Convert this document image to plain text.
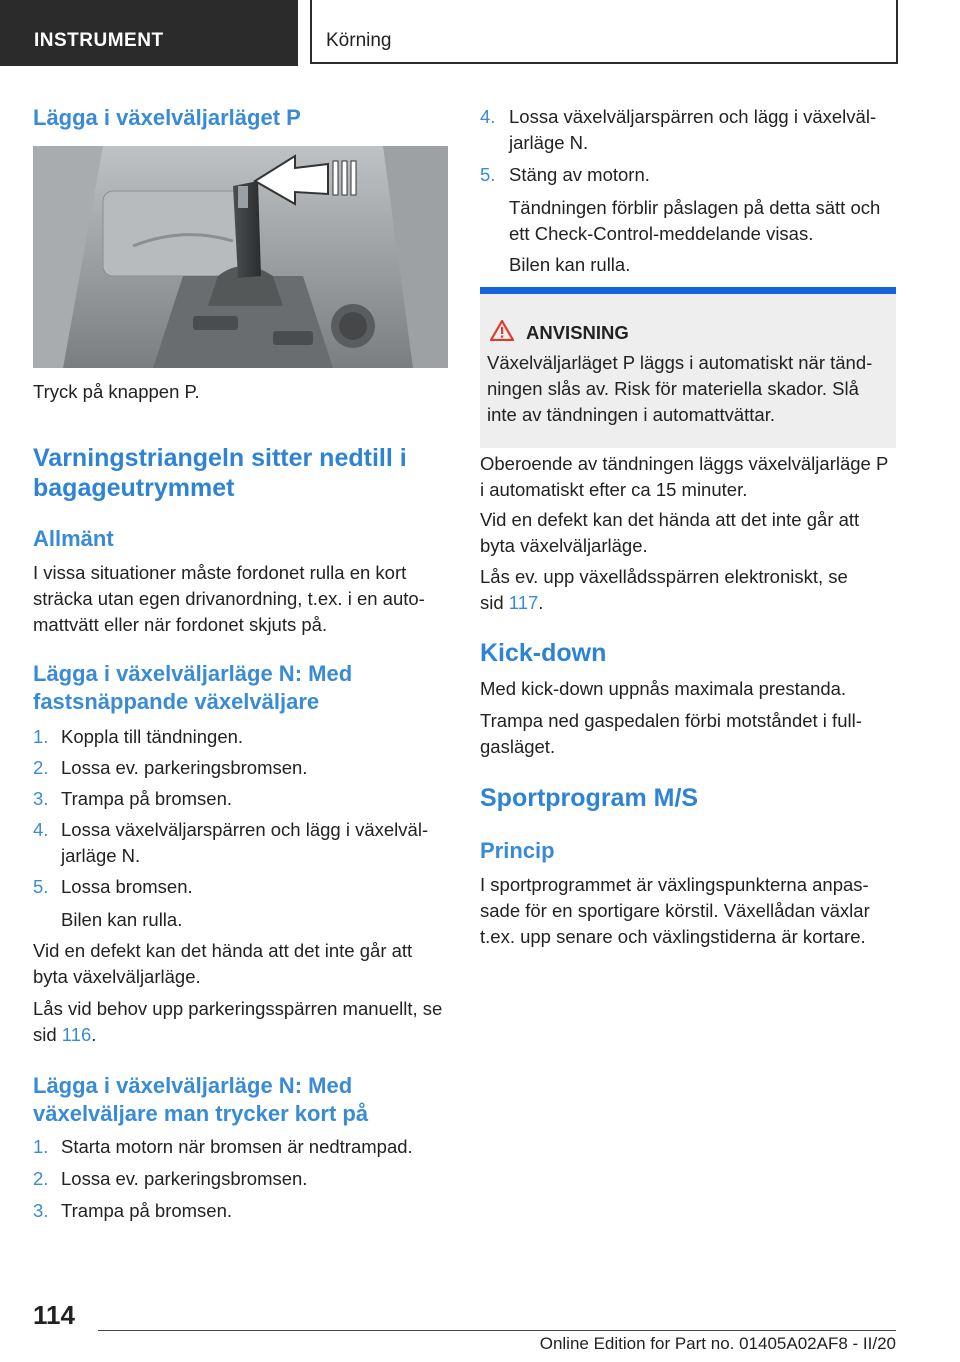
INSTRUMENT	Körning
Lägga i växelväljarläget P
Tryck på knappen P.
Varningstriangeln sitter nedtill i bagageutrymmet
Allmänt
I vissa situationer måste fordonet rulla en kort sträcka utan egen drivanordning, t.ex. i en automattvätt eller när fordonet skjuts på.
Lägga i växelväljarläge N: Med fastsnäppande växelväljare
1. Koppla till tändningen.
2. Lossa ev. parkeringsbromsen.
3. Trampa på bromsen.
4. Lossa växelväljarspärren och lägg i växelväljarläge N.
5. Lossa bromsen.
Bilen kan rulla.
Vid en defekt kan det hända att det inte går att byta växelväljarläge.
Lås vid behov upp parkeringsspärren manuellt, se sid 116.
Lägga i växelväljarläge N: Med växelväljare man trycker kort på
1. Starta motorn när bromsen är nedtrampad.
2. Lossa ev. parkeringsbromsen.
3. Trampa på bromsen.
4. Lossa växelväljarspärren och lägg i växelväljarläge N.
5. Stäng av motorn.
Tändningen förblir påslagen på detta sätt och ett Check-Control-meddelande visas.
Bilen kan rulla.
ANVISNING
Växelväljarläget P läggs i automatiskt när tändningen slås av. Risk för materiella skador. Slå inte av tändningen i automattvättar.
Oberoende av tändningen läggs växelväljarläge P i automatiskt efter ca 15 minuter.
Vid en defekt kan det hända att det inte går att byta växelväljarläge.
Lås ev. upp växellådsspärren elektroniskt, se sid 117.
Kick-down
Med kick-down uppnås maximala prestanda.
Trampa ned gaspedalen förbi motståndet i fullgasläget.
Sportprogram M/S
Princip
I sportprogrammet är växlingspunkterna anpassade för en sportigare körstil. Växellådan växlar t.ex. upp senare och växlingstiderna är kortare.
114
Online Edition for Part no. 01405A02AF8 - II/20
